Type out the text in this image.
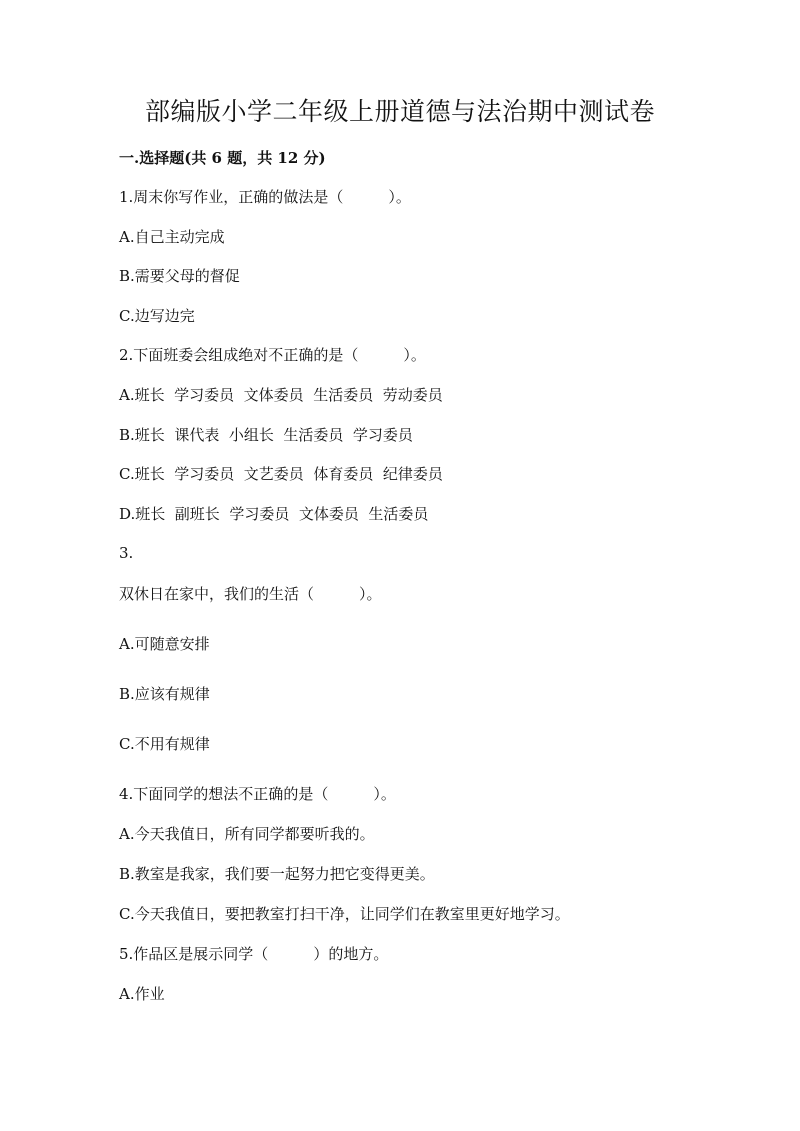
部编版小学二年级上册道德与法治期中测试卷
一.选择题(共 6 题，共 12 分)
1.周末你写作业，正确的做法是（　　　）。
A.自己主动完成
B.需要父母的督促
C.边写边完
2.下面班委会组成绝对不正确的是（　　　）。
A.班长  学习委员  文体委员  生活委员  劳动委员
B.班长  课代表  小组长  生活委员  学习委员
C.班长  学习委员  文艺委员  体育委员  纪律委员
D.班长  副班长  学习委员  文体委员  生活委员
3.
双休日在家中，我们的生活（　　　）。
A.可随意安排
B.应该有规律
C.不用有规律
4.下面同学的想法不正确的是（　　　）。
A.今天我值日，所有同学都要听我的。
B.教室是我家，我们要一起努力把它变得更美。
C.今天我值日，要把教室打扫干净，让同学们在教室里更好地学习。
5.作品区是展示同学（　　　）的地方。
A.作业
